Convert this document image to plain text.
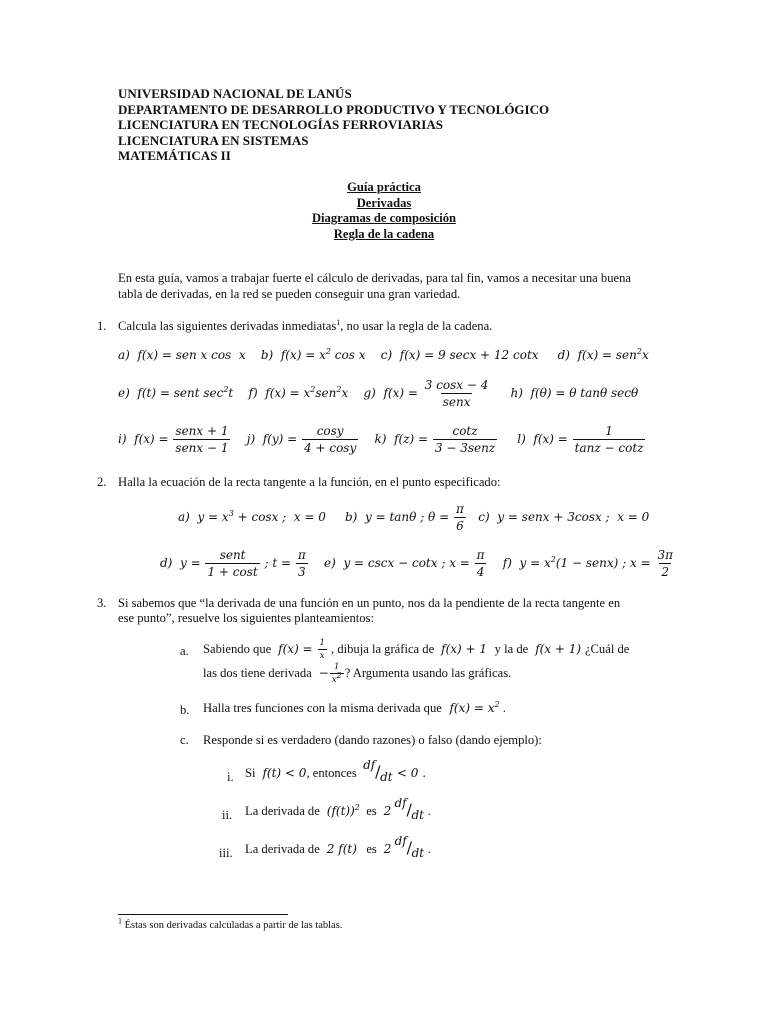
UNIVERSIDAD NACIONAL DE LANÚS
DEPARTAMENTO DE DESARROLLO PRODUCTIVO Y TECNOLÓGICO
LICENCIATURA EN TECNOLOGÍAS FERROVIARIAS
LICENCIATURA EN SISTEMAS
MATEMÁTICAS II
Guía práctica
Derivadas
Diagramas de composición
Regla de la cadena
En esta guía, vamos a trabajar fuerte el cálculo de derivadas, para tal fin, vamos a necesitar una buena tabla de derivadas, en la red se pueden conseguir una gran variedad.
1. Calcula las siguientes derivadas inmediatas$^1$, no usar la regla de la cadena.
a)  f(x) = sen x cos  x    b)  $f(x) = x^2$ cos x    c)  f(x) = 9 secx + 12 cotx     d)  f(x) = sen$^2$x
e)  f(t) = sent $\sec^2t$    f)  $f(x) = x^2sen^2x$    g)  $f(x) = \frac{3 \cos x - 4}{\text{senx}} h$)  f(θ) = θ tanθ secθ
i)  $f(x) = \frac{\text{senx + 1}}{\text{senx − 1}} j$)  $f(y) = \frac{\cos y}{4 + \cos y} k$)  $f(z) = \frac{\cot z}{\text{3 − 3senz}} l$)  $f(x) = \frac{1}{\tan z - \cot z}$
2. Halla la ecuación de la recta tangente a la función, en el punto especificado:
a)  $y = x^3 + \cos x$ ;  x = 0     b)  y = tanθ ; $\theta = \frac{\pi}{6} c$)  y = senx + 3cosx ;  x = 0
d)  $y = \frac{\text{sent}}{1 + \cos t}$ ; $t = \frac{\pi}{3} e$)  y = cscx − cotx ; $x = \frac{\pi}{4} f$)  $y = x^2(1$ − senx) ; $x = \frac{3\pi}{2}$
3. Si sabemos que “la derivada de una función en un punto, nos da la pendiente de la recta tangente en
ese punto”, resuelve los siguientes planteamientos:
a. Sabiendo que  $f(x) = \frac{1}{x}$ , dibuja la gráfica de  f(x) + 1  y la de  f(x + 1) ¿Cuál de
las dos tiene derivada  − $\frac{1}{x^2}$ ? Argumenta usando las gráficas.
b. Halla tres funciones con la misma derivada que  $f(x) = x^2$ .
c. Responde si es verdadero (dando razones) o falso (dando ejemplo):
i. Si  f(t) < 0, entonces
df / dt < 0 .
ii. La derivada de  $(f(t))^2$ es  2
df / dt .
iii. La derivada de  2 f(t) es  2
df / dt .
$^1$ Éstas son derivadas calculadas a partir de las tablas.
